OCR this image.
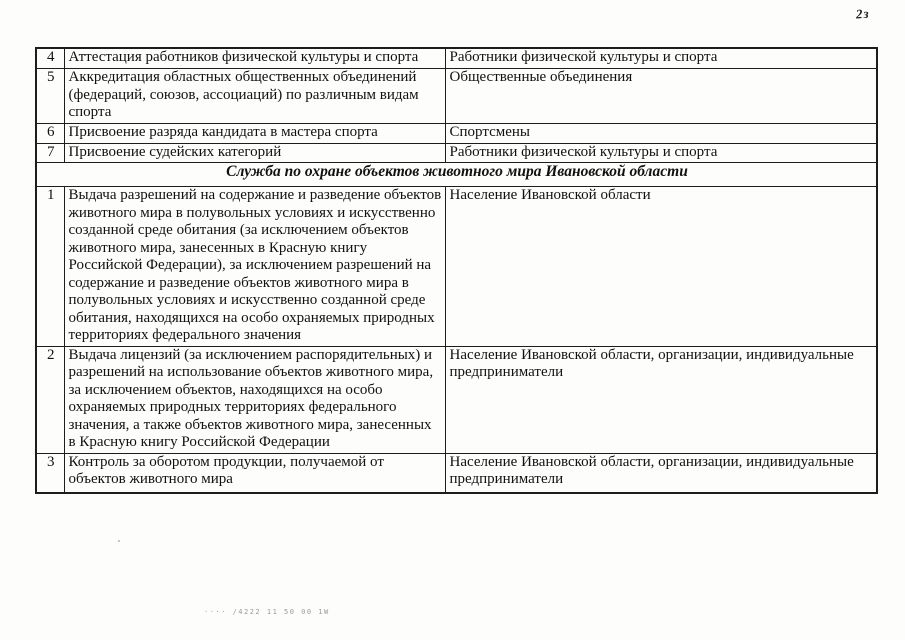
2з
4	Аттестация работников физической культуры и спорта	Работники физической культуры и спорта
5	Аккредитация областных общественных объединений (федераций, союзов, ассоциаций) по различным видам спорта	Общественные объединения
6	Присвоение разряда кандидата в мастера спорта	Спортсмены
7	Присвоение судейских категорий	Работники физической культуры и спорта
Служба по охране объектов животного мира Ивановской области		
1	Выдача разрешений на содержание и разведение объектов животного мира в полувольных условиях и искусственно созданной среде обитания (за исключением объектов животного мира, занесенных в Красную книгу Российской Федерации), за исключением разрешений на содержание и разведение объектов животного мира в полувольных условиях и искусственно созданной среде обитания, находящихся на особо охраняемых природных территориях федерального значения	Население Ивановской области
2	Выдача лицензий (за исключением распорядительных) и разрешений на использование объектов животного мира, за исключением объектов, находящихся на особо охраняемых природных территориях федерального значения, а также объектов животного мира, занесенных в Красную книгу Российской Федерации	Население Ивановской области, организации, индивидуальные предприниматели
3	Контроль за оборотом продукции, получаемой от объектов животного мира	Население Ивановской области, организации, индивидуальные предприниматели
···· /4222 11 50 00 1W
